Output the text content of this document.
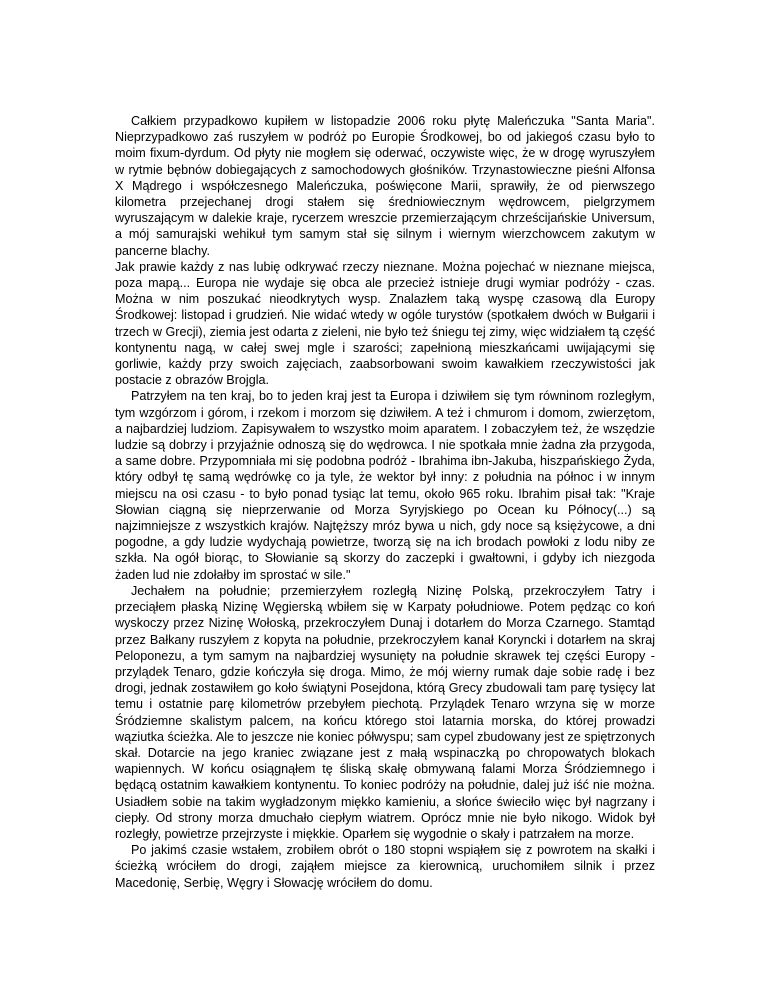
Całkiem przypadkowo kupiłem w listopadzie 2006 roku płytę Maleńczuka "Santa Maria". Nieprzypadkowo zaś ruszyłem w podróż po Europie Środkowej, bo od jakiegoś czasu było to moim fixum-dyrdum. Od płyty nie mogłem się oderwać, oczywiste więc, że w drogę wyruszyłem w rytmie bębnów dobiegających z samochodowych głośników. Trzynastowieczne pieśni Alfonsa X Mądrego i współczesnego Maleńczuka, poświęcone Marii, sprawiły, że od pierwszego kilometra przejechanej drogi stałem się średniowiecznym wędrowcem, pielgrzymem wyruszającym w dalekie kraje, rycerzem wreszcie przemierzającym chrześcijańskie Universum, a mój samurajski wehikuł tym samym stał się silnym i wiernym wierzchowcem zakutym w pancerne blachy.

Jak prawie każdy z nas lubię odkrywać rzeczy nieznane. Można pojechać w nieznane miejsca, poza mapą... Europa nie wydaje się obca ale przecież istnieje drugi wymiar podróży - czas. Można w nim poszukać nieodkrytych wysp. Znalazłem taką wyspę czasową dla Europy Środkowej: listopad i grudzień. Nie widać wtedy w ogóle turystów (spotkałem dwóch w Bułgarii i trzech w Grecji), ziemia jest odarta z zieleni, nie było też śniegu tej zimy, więc widziałem tą część kontynentu nagą, w całej swej mgle i szarości; zapełnioną mieszkańcami uwijającymi się gorliwie, każdy przy swoich zajęciach, zaabsorbowani swoim kawałkiem rzeczywistości jak postacie z obrazów Brojgla.

Patrzyłem na ten kraj, bo to jeden kraj jest ta Europa i dziwiłem się tym równinom rozległym, tym wzgórzom i górom, i rzekom i morzom się dziwiłem. A też i chmurom i domom, zwierzętom, a najbardziej ludziom. Zapisywałem to wszystko moim aparatem. I zobaczyłem też, że wszędzie ludzie są dobrzy i przyjaźnie odnoszą się do wędrowca. I nie spotkała mnie żadna zła przygoda, a same dobre. Przypomniała mi się podobna podróż - Ibrahima ibn-Jakuba, hiszpańskiego Żyda, który odbył tę samą wędrówkę co ja tyle, że wektor był inny: z południa na północ i w innym miejscu na osi czasu - to było ponad tysiąc lat temu, około 965 roku. Ibrahim pisał tak: "Kraje Słowian ciągną się nieprzerwanie od Morza Syryjskiego po Ocean ku Północy(...) są najzimniejsze z wszystkich krajów. Najtęższy mróz bywa u nich, gdy noce są księżycowe, a dni pogodne, a gdy ludzie wydychają powietrze, tworzą się na ich brodach powłoki z lodu niby ze szkła. Na ogół biorąc, to Słowianie są skorzy do zaczepki i gwałtowni, i gdyby ich niezgoda żaden lud nie zdołałby im sprostać w sile."

Jechałem na południe; przemierzyłem rozległą Nizinę Polską, przekroczyłem Tatry i przeciąłem płaską Nizinę Węgierską wbiłem się w Karpaty południowe. Potem pędząc co koń wyskoczy przez Nizinę Wołoską, przekroczyłem Dunaj i dotarłem do Morza Czarnego. Stamtąd przez Bałkany ruszyłem z kopyta na południe, przekroczyłem kanał Koryncki i dotarłem na skraj Peloponezu, a tym samym na najbardziej wysunięty na południe skrawek tej części Europy - przylądek Tenaro, gdzie kończyła się droga. Mimo, że mój wierny rumak daje sobie radę i bez drogi, jednak zostawiłem go koło świątyni Posejdona, którą Grecy zbudowali tam parę tysięcy lat temu i ostatnie parę kilometrów przebyłem piechotą. Przylądek Tenaro wrzyna się w morze Śródziemne skalistym palcem, na końcu którego stoi latarnia morska, do której prowadzi wąziutka ścieżka. Ale to jeszcze nie koniec półwyspu; sam cypel zbudowany jest ze spiętrzonych skał. Dotarcie na jego kraniec związane jest z małą wspinaczką po chropowatych blokach wapiennych. W końcu osiągnąłem tę śliską skałę obmywaną falami Morza Śródziemnego i będącą ostatnim kawałkiem kontynentu. To koniec podróży na południe, dalej już iść nie można. Usiadłem sobie na takim wygładzonym miękko kamieniu, a słońce świeciło więc był nagrzany i ciepły. Od strony morza dmuchało ciepłym wiatrem. Oprócz mnie nie było nikogo. Widok był rozległy, powietrze przejrzyste i miękkie. Oparłem się wygodnie o skały i patrzałem na morze.

Po jakimś czasie wstałem, zrobiłem obrót o 180 stopni wspiąłem się z powrotem na skałki i ścieżką wróciłem do drogi, zająłem miejsce za kierownicą, uruchomiłem silnik i przez Macedonię, Serbię, Węgry i Słowację wróciłem do domu.
